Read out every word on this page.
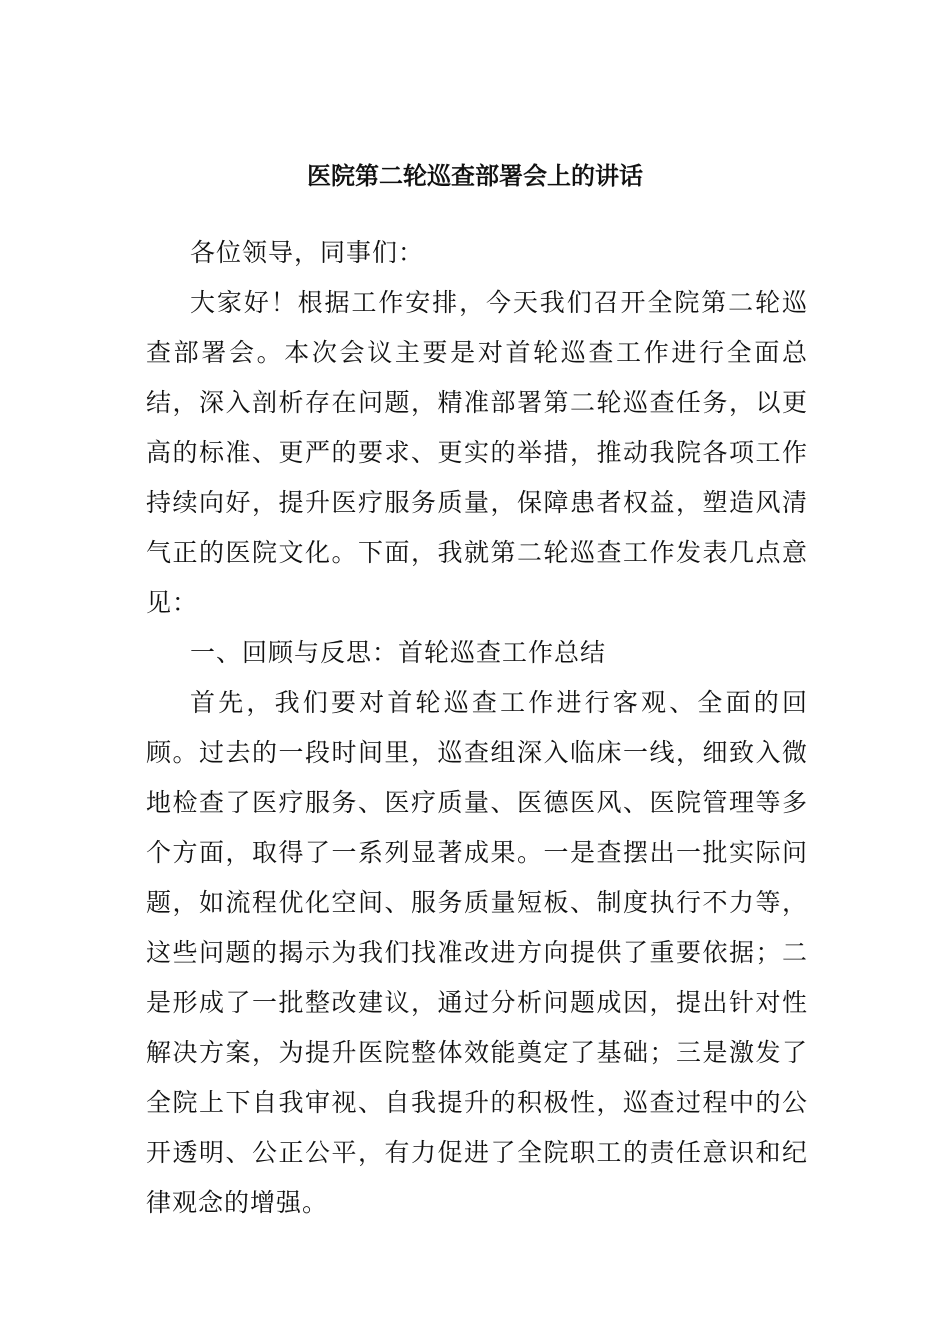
医院第二轮巡查部署会上的讲话

各位领导，同事们：

大家好！根据工作安排，今天我们召开全院第二轮巡查部署会。本次会议主要是对首轮巡查工作进行全面总结，深入剖析存在问题，精准部署第二轮巡查任务，以更高的标准、更严的要求、更实的举措，推动我院各项工作持续向好，提升医疗服务质量，保障患者权益，塑造风清气正的医院文化。下面，我就第二轮巡查工作发表几点意见：

一、回顾与反思：首轮巡查工作总结

首先，我们要对首轮巡查工作进行客观、全面的回顾。过去的一段时间里，巡查组深入临床一线，细致入微地检查了医疗服务、医疗质量、医德医风、医院管理等多个方面，取得了一系列显著成果。一是查摆出一批实际问题，如流程优化空间、服务质量短板、制度执行不力等，这些问题的揭示为我们找准改进方向提供了重要依据；二是形成了一批整改建议，通过分析问题成因，提出针对性解决方案，为提升医院整体效能奠定了基础；三是激发了全院上下自我审视、自我提升的积极性，巡查过程中的公开透明、公正公平，有力促进了全院职工的责任意识和纪律观念的增强。
